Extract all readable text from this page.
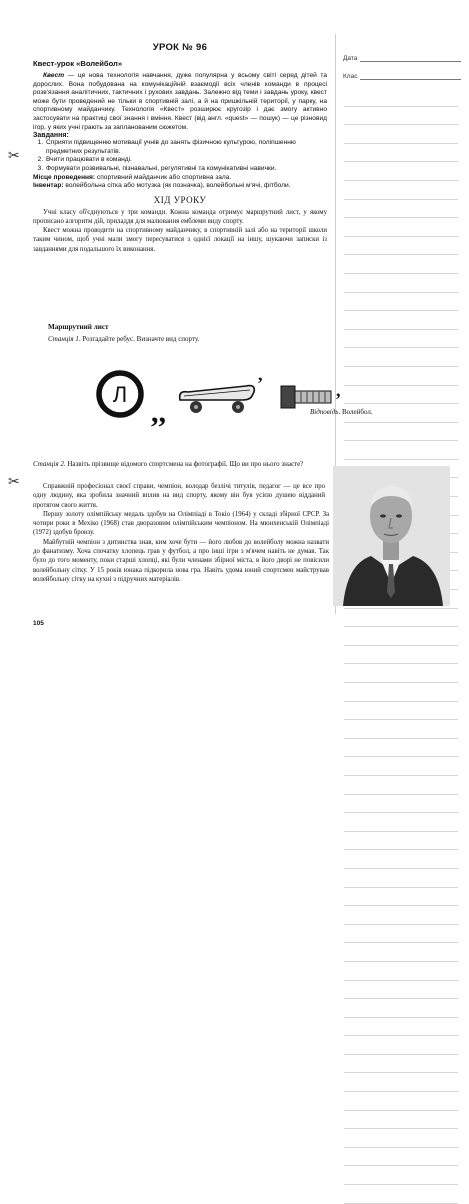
✂
✂
Дата
Клас
УРОК № 96
Квест-урок «Волейбол»
Квест — це нова технологія навчання, дуже популярна у всьому світі серед дітей та дорослих. Вона побудована на комунікаційній взаємодії всіх членів команди в процесі розв'язання аналітичних, тактичних і рухових завдань. Залежно від теми і завдань уроку, квест може бути проведений не тільки в спортивній залі, а й на пришкільній території, у парку, на спортивному майданчику. Технологія «Квест» розширює кругозір і дає змогу активно застосувати на практиці свої знання і вміння. Квест (від англ. «quest» — пошук) — це різновид ігор, у яких учні грають за запланованим сюжетом.
Завдання:
1. Сприяти підвищенню мотивації учнів до занять фізичною культурою, поліпшенню предметних результатів.
2. Вчити працювати в команді.
3. Формувати розвивальні, пізнавальні, регулятивні та комунікативні навички.
Місце проведення: спортивний майданчик або спортивна зала.
Інвентар: волейбольна сітка або мотузка (як позначка), волейбольні м'ячі, фітболи.
ХІД УРОКУ
Учні класу об'єднуються у три команди. Кожна команда отримує маршрутний лист, у якому прописано алгоритм дій, приладдя для малювання емблеми виду спорту.
Квест можна проводити на спортивному майданчику, в спортивній залі або на території школи таким чином, щоб учні мали змогу пересуватися з однієї локації на іншу, шукаючи записки із завданнями для подальшого їх виконання.
Маршрутний лист
Станція 1. Розгадайте ребус. Визначте вид спорту.
Л
,,
,
,
Відповідь. Волейбол.
Станція 2. Назвіть прізвище відомого спортсмена на фотографії. Що ви про нього знаєте?

Справжній професіонал своєї справи, чемпіон, володар безлічі титулів, педагог — це все про одну людину, яка зробила значний вплив на вид спорту, якому він був усією душею відданий протягом свого життя.

Першу золоту олімпійську медаль здобув на Олімпіаді в Токіо (1964) у складі збірної СРСР. За чотири роки в Мехіко (1968) став дворазовим олімпійським чемпіоном. На мюнхенській Олімпіаді (1972) здобув бронзу.

Майбутній чемпіон з дитинства знав, ким хоче бути — його любов до волейболу можна назвати до фанатизму. Хоча спочатку хлопець грав у футбол, а про інші ігри з м'ячем навіть не думав. Так було до того моменту, поки старші хлопці, які були членами збірної міста, в його дворі не повісили волейбольну сітку. У 15 років юнака підкорила нова гра. Навіть удома юний спортсмен майстрував волейбольну сітку на кухні з підручних матеріалів.

105
